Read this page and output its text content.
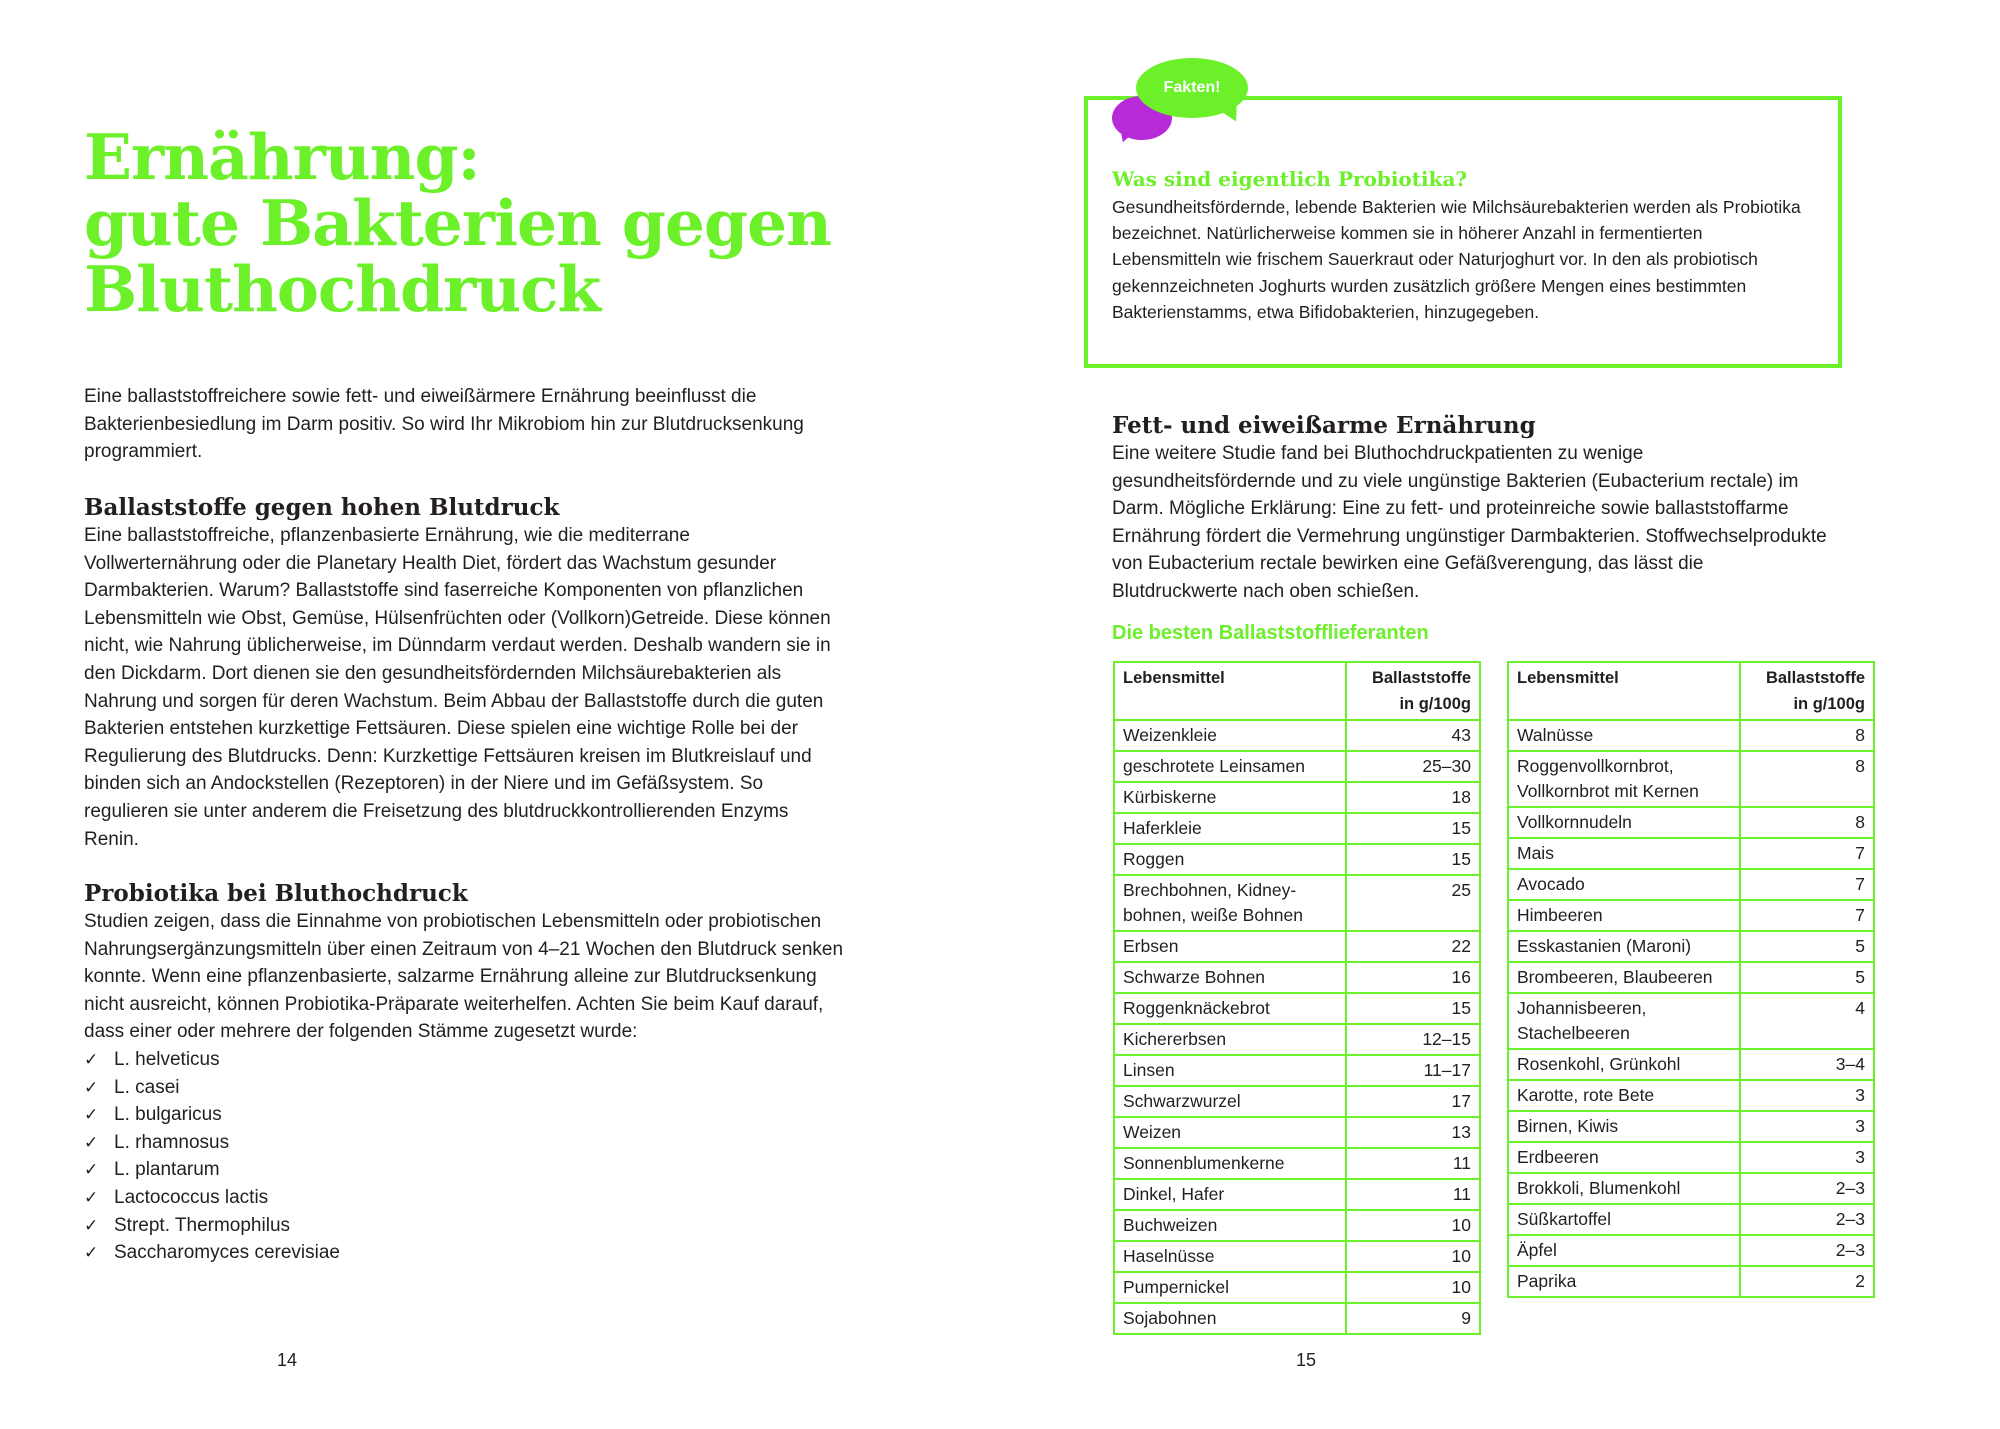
Ernährung:
gute Bakterien gegen
Bluthochdruck

Eine ballaststoffreichere sowie fett- und eiweißärmere Ernährung beeinflusst die Bakterienbesiedlung im Darm positiv. So wird Ihr Mikrobiom hin zur Blutdrucksenkung programmiert.

Ballaststoffe gegen hohen Blutdruck

Eine ballaststoffreiche, pflanzenbasierte Ernährung, wie die mediterrane Vollwerternährung oder die Planetary Health Diet, fördert das Wachstum gesunder Darmbakterien. Warum? Ballaststoffe sind faserreiche Komponenten von pflanzlichen Lebensmitteln wie Obst, Gemüse, Hülsenfrüchten oder (Vollkorn)Getreide. Diese können nicht, wie Nahrung üblicherweise, im Dünndarm verdaut werden. Deshalb wandern sie in den Dickdarm. Dort dienen sie den gesundheitsfördernden Milchsäurebakterien als Nahrung und sorgen für deren Wachstum. Beim Abbau der Ballaststoffe durch die guten Bakterien entstehen kurzkettige Fettsäuren. Diese spielen eine wichtige Rolle bei der Regulierung des Blutdrucks. Denn: Kurzkettige Fettsäuren kreisen im Blutkreislauf und binden sich an Andockstellen (Rezeptoren) in der Niere und im Gefäßsystem. So regulieren sie unter anderem die Freisetzung des blutdruckkontrollierenden Enzyms Renin.

Probiotika bei Bluthochdruck

Studien zeigen, dass die Einnahme von probiotischen Lebensmitteln oder probiotischen Nahrungsergänzungsmitteln über einen Zeitraum von 4–21 Wochen den Blutdruck senken konnte. Wenn eine pflanzenbasierte, salzarme Ernährung alleine zur Blutdrucksenkung nicht ausreicht, können Probiotika-Präparate weiterhelfen. Achten Sie beim Kauf darauf, dass einer oder mehrere der folgenden Stämme zugesetzt wurde:

✓ L. helveticus
✓ L. casei
✓ L. bulgaricus
✓ L. rhamnosus
✓ L. plantarum
✓ Lactococcus lactis
✓ Strept. Thermophilus
✓ Saccharomyces cerevisiae
14
Fakten!
Was sind eigentlich Probiotika?

Gesundheitsfördernde, lebende Bakterien wie Milchsäurebakterien werden als Probiotika bezeichnet. Natürlicherweise kommen sie in höherer Anzahl in fermentierten Lebensmitteln wie frischem Sauerkraut oder Naturjoghurt vor. In den als probiotisch gekennzeichneten Joghurts wurden zusätzlich größere Mengen eines bestimmten Bakterienstamms, etwa Bifidobakterien, hinzugegeben.

Fett- und eiweißarme Ernährung

Eine weitere Studie fand bei Bluthochdruckpatienten zu wenige gesundheitsfördernde und zu viele ungünstige Bakterien (Eubacterium rectale) im Darm. Mögliche Erklärung: Eine zu fett- und proteinreiche sowie ballaststoffarme Ernährung fördert die Vermehrung ungünstiger Darmbakterien. Stoffwechselprodukte von Eubacterium rectale bewirken eine Gefäßverengung, das lässt die Blutdruckwerte nach oben schießen.

Die besten Ballaststofflieferanten
Lebensmittel	Ballaststoffe in g/100g
Weizenkleie	43
geschrotete Leinsamen	25–30
Kürbiskerne	18
Haferkleie	15
Roggen	15
Brechbohnen, Kidney-bohnen, weiße Bohnen	25
Erbsen	22
Schwarze Bohnen	16
Roggenknäckebrot	15
Kichererbsen	12–15
Linsen	11–17
Schwarzwurzel	17
Weizen	13
Sonnenblumenkerne	11
Dinkel, Hafer	11
Buchweizen	10
Haselnüsse	10
Pumpernickel	10
Sojabohnen	9
Lebensmittel	Ballaststoffe in g/100g
Walnüsse	8
Roggenvollkornbrot, Vollkornbrot mit Kernen	8
Vollkornnudeln	8
Mais	7
Avocado	7
Himbeeren	7
Esskastanien (Maroni)	5
Brombeeren, Blaubeeren	5
Johannisbeeren, Stachelbeeren	4
Rosenkohl, Grünkohl	3–4
Karotte, rote Bete	3
Birnen, Kiwis	3
Erdbeeren	3
Brokkoli, Blumenkohl	2–3
Süßkartoffel	2–3
Äpfel	2–3
Paprika	2
15
